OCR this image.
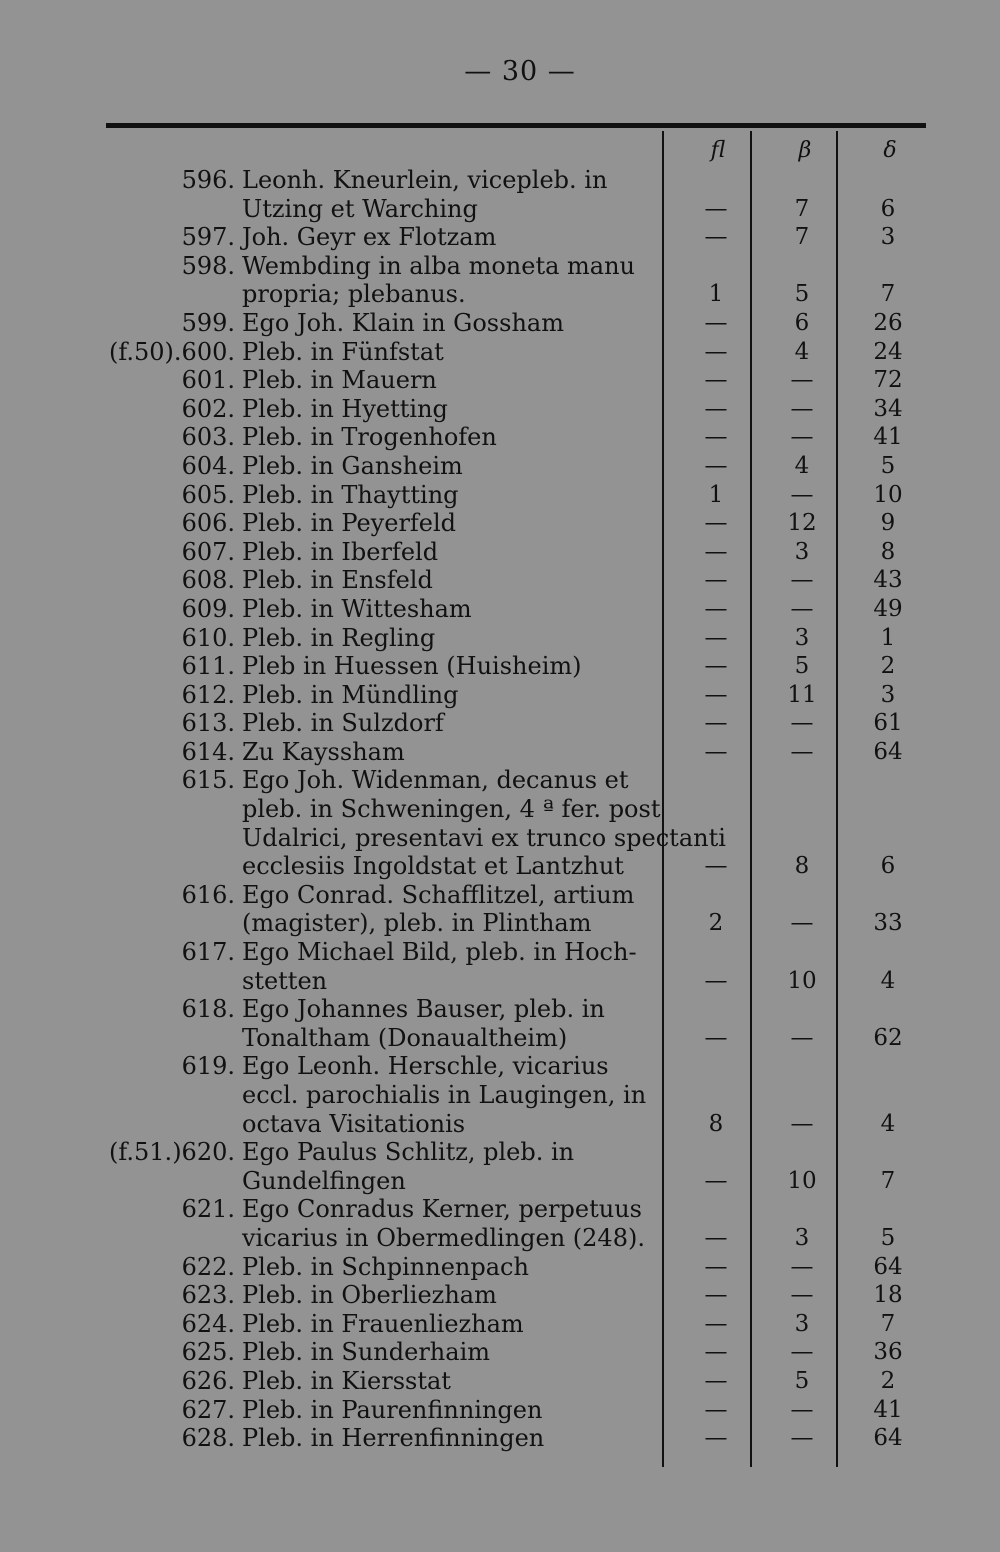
— 30 —
fl	β	δ
596. Leonh. Kneurlein, vicepleb. in
Utzing et Warching	—	7	6
597. Joh. Geyr ex Flotzam	—	7	3
598. Wembding in alba moneta manu
propria; plebanus.	1	5	7
599. Ego Joh. Klain in Gossham	—	6	26
(f.50).600. Pleb. in Fünfstat	—	4	24
601. Pleb. in Mauern	—	—	72
602. Pleb. in Hyetting	—	—	34
603. Pleb. in Trogenhofen	—	—	41
604. Pleb. in Gansheim	—	4	5
605. Pleb. in Thaytting	1	—	10
606. Pleb. in Peyerfeld	—	12	9
607. Pleb. in Iberfeld	—	3	8
608. Pleb. in Ensfeld	—	—	43
609. Pleb. in Wittesham	—	—	49
610. Pleb. in Regling	—	3	1
611. Pleb in Huessen (Huisheim)	—	5	2
612. Pleb. in Mündling	—	11	3
613. Pleb. in Sulzdorf	—	—	61
614. Zu Kayssham	—	—	64
615. Ego Joh. Widenman, decanus et
pleb. in Schweningen, 4 ª fer. post
Udalrici, presentavi ex trunco spectanti
ecclesiis Ingoldstat et Lantzhut	—	8	6
616. Ego Conrad. Schafflitzel, artium
(magister), pleb. in Plintham	2	—	33
617. Ego Michael Bild, pleb. in Hoch-
stetten	—	10	4
618. Ego Johannes Bauser, pleb. in
Tonaltham (Donaualtheim)	—	—	62
619. Ego Leonh. Herschle, vicarius
eccl. parochialis in Laugingen, in
octava Visitationis	8	—	4
(f.51.)620. Ego Paulus Schlitz, pleb. in
Gundelfingen	—	10	7
621. Ego Conradus Kerner, perpetuus
vicarius in Obermedlingen (248).	—	3	5
622. Pleb. in Schpinnenpach	—	—	64
623. Pleb. in Oberliezham	—	—	18
624. Pleb. in Frauenliezham	—	3	7
625. Pleb. in Sunderhaim	—	—	36
626. Pleb. in Kiersstat	—	5	2
627. Pleb. in Paurenfinningen	—	—	41
628. Pleb. in Herrenfinningen	—	—	64
